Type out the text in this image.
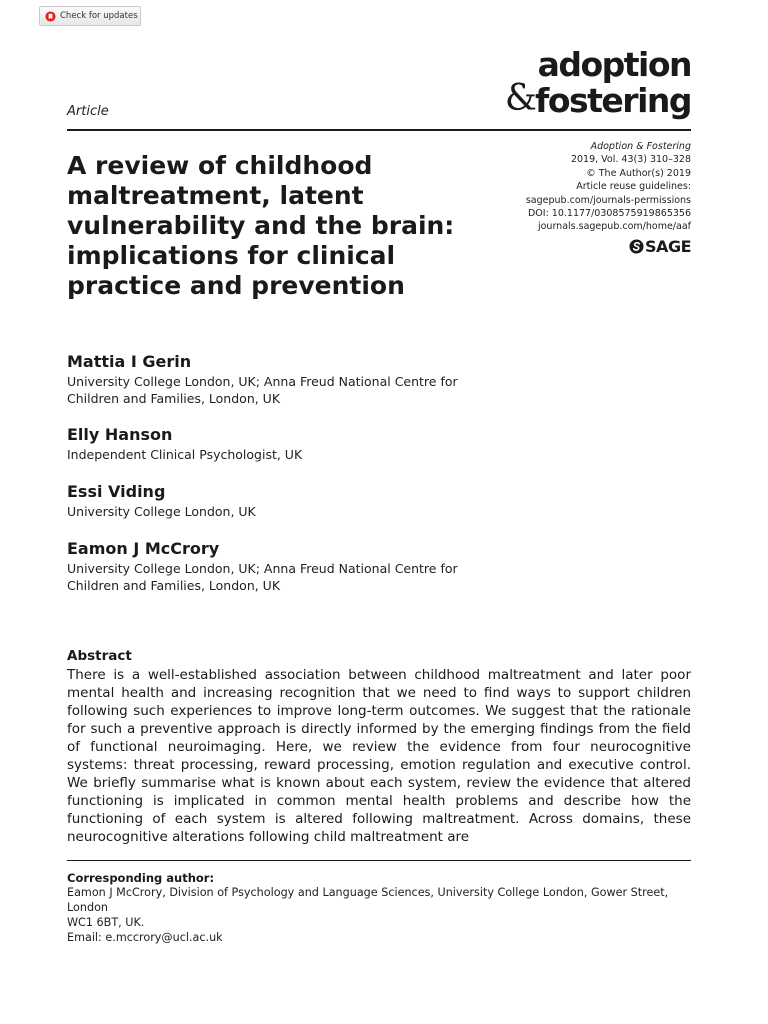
Check for updates
adoption
&
fostering
Article
A review of childhood maltreatment, latent vulnerability and the brain: implications for clinical practice and prevention
Adoption & Fostering
2019, Vol. 43(3) 310–328
© The Author(s) 2019
Article reuse guidelines:
sagepub.com/journals-permissions
DOI: 10.1177/0308575919865356
journals.sagepub.com/home/aaf
SAGE
Mattia I Gerin
University College London, UK; Anna Freud National Centre for
Children and Families, London, UK
Elly Hanson
Independent Clinical Psychologist, UK
Essi Viding
University College London, UK
Eamon J McCrory
University College London, UK; Anna Freud National Centre for
Children and Families, London, UK
Abstract

There is a well-established association between childhood maltreatment and later poor mental health and increasing recognition that we need to find ways to support children following such experiences to improve long-term outcomes. We suggest that the rationale for such a preventive approach is directly informed by the emerging findings from the field of functional neuroimaging. Here, we review the evidence from four neurocognitive systems: threat processing, reward processing, emotion regulation and executive control. We briefly summarise what is known about each system, review the evidence that altered functioning is implicated in common mental health problems and describe how the functioning of each system is altered following maltreatment. Across domains, these neurocognitive alterations following child maltreatment are

Corresponding author:
Eamon J McCrory, Division of Psychology and Language Sciences, University College London, Gower Street, London
WC1 6BT, UK.
Email: e.mccrory@ucl.ac.uk
